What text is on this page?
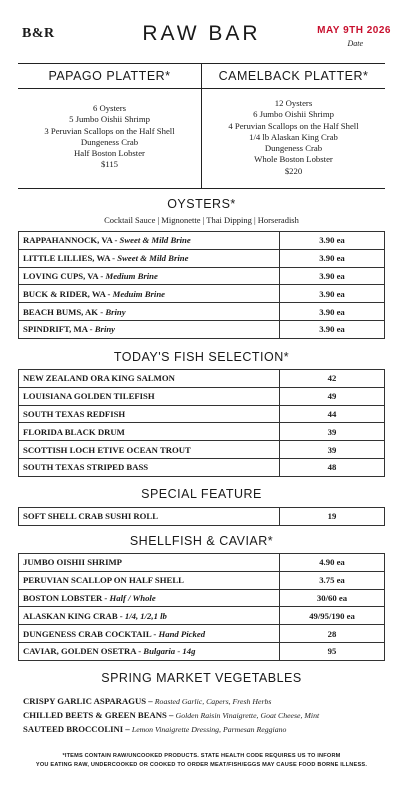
B&R	RAW BAR	MAY 9TH 2026
Date
PAPAGO PLATTER*
6 Oysters
5 Jumbo Oishii Shrimp
3 Peruvian Scallops on the Half Shell
Dungeness Crab
Half Boston Lobster
$115
CAMELBACK PLATTER*
12 Oysters
6 Jumbo Oishii Shrimp
4 Peruvian Scallops on the Half Shell
1/4 lb Alaskan King Crab
Dungeness Crab
Whole Boston Lobster
$220
OYSTERS*
Cocktail Sauce | Mignonette | Thai Dipping | Horseradish
RAPPAHANNOCK, VA - Sweet & Mild Brine	3.90 ea
LITTLE LILLIES, WA - Sweet & Mild Brine	3.90 ea
LOVING CUPS, VA - Medium Brine	3.90 ea
BUCK & RIDER, WA - Meduim Brine	3.90 ea
BEACH BUMS, AK - Briny	3.90 ea
SPINDRIFT, MA - Briny	3.90 ea
TODAY'S FISH SELECTION*
NEW ZEALAND ORA KING SALMON	42
LOUISIANA GOLDEN TILEFISH	49
SOUTH TEXAS REDFISH	44
FLORIDA BLACK DRUM	39
SCOTTISH LOCH ETIVE OCEAN TROUT	39
SOUTH TEXAS STRIPED BASS	48
SPECIAL FEATURE
SOFT SHELL CRAB SUSHI ROLL	19
SHELLFISH & CAVIAR*
JUMBO OISHII SHRIMP	4.90 ea
PERUVIAN SCALLOP ON HALF SHELL	3.75 ea
BOSTON LOBSTER - Half / Whole	30/60 ea
ALASKAN KING CRAB - 1/4, 1/2,1 lb	49/95/190 ea
DUNGENESS CRAB COCKTAIL - Hand Picked	28
CAVIAR, GOLDEN OSETRA - Bulgaria - 14g	95
SPRING MARKET VEGETABLES
CRISPY GARLIC ASPARAGUS – Roasted Garlic, Capers, Fresh Herbs
CHILLED BEETS & GREEN BEANS – Golden Raisin Vinaigrette, Goat Cheese, Mint
SAUTEED BROCCOLINI – Lemon Vinaigrette Dressing, Parmesan Reggiano
*ITEMS CONTAIN RAW/UNCOOKED PRODUCTS. STATE HEALTH CODE REQUIRES US TO INFORM
YOU EATING RAW, UNDERCOOKED OR COOKED TO ORDER MEAT/FISH/EGGS MAY CAUSE FOOD BORNE ILLNESS.
